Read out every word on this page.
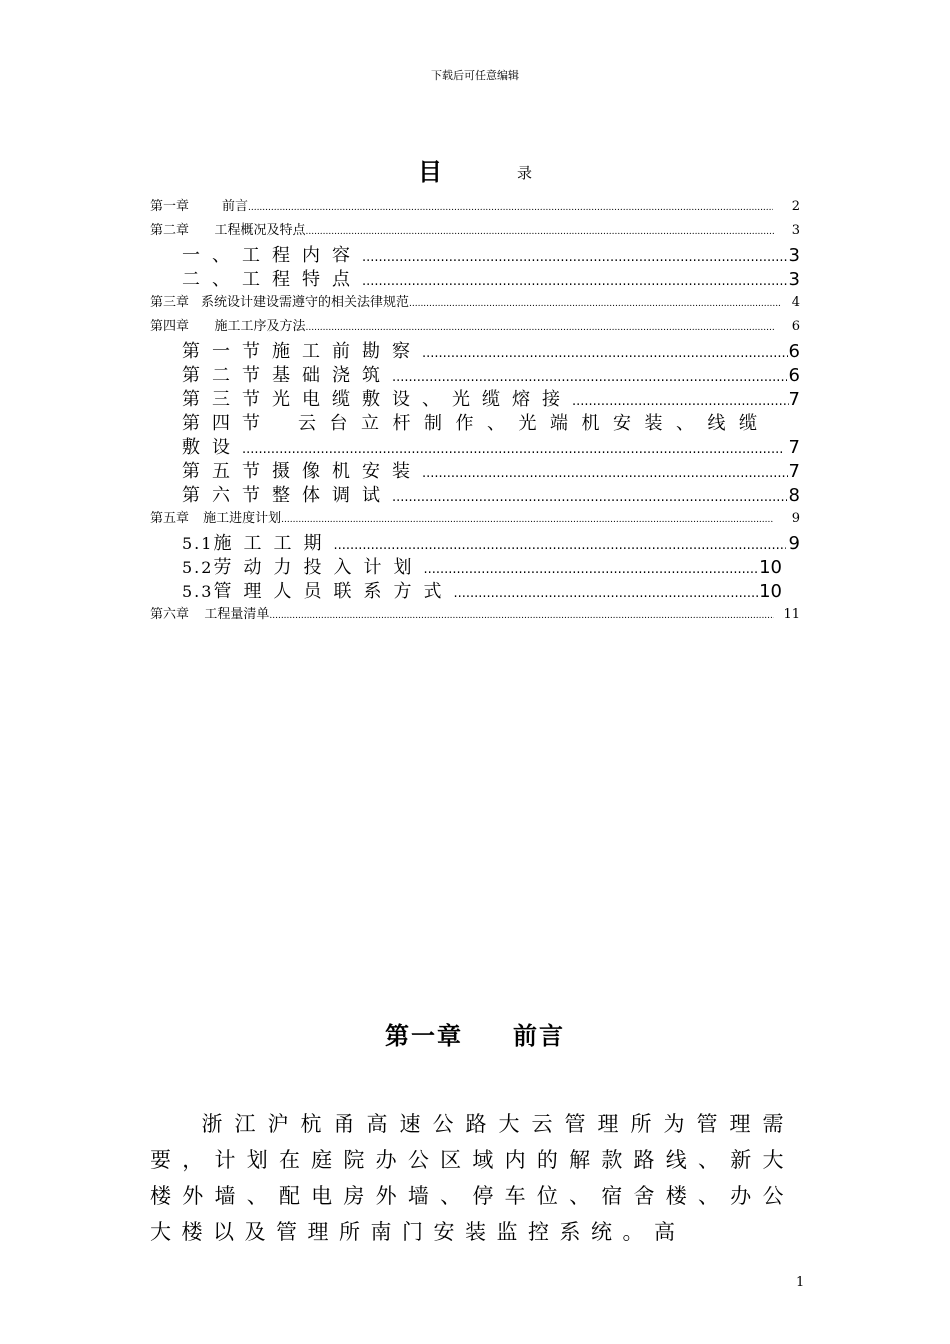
下载后可任意编辑
目	录
第一章	前言 .....	2
第二章	工程概况及特点 .....	3
一、 工程内容 .....	3
二、 工程特点 .....	3
第三章 系统设计建设需遵守的相关法律规范 .....	4
第四章	施工工序及方法 .....	6
第一节 施工前勘察 .....	6
第二节 基础浇筑 .....	6
第三节 光电缆敷设、光缆熔接 .....	7
第四节	云台立杆制作、光端机安装、线缆
敷设 .....	7
第五节 摄像机安装 .....	7
第六节 整体调试 .....	8
第五章	施工进度计划 .....	9
5.1 施工工期 .....	9
5.2 劳动力投入计划 .....	10
5.3 管理人员联系方式 .....	10
第六章	工程量清单 .....	11
第一章 前言
浙江沪杭甬高速公路大云管理所为管理需要，计划在庭院办公区域内的解款路线、新大楼外墙、配电房外墙、停车位、宿舍楼、办公大楼以及管理所南门安装监控系统。高
1
